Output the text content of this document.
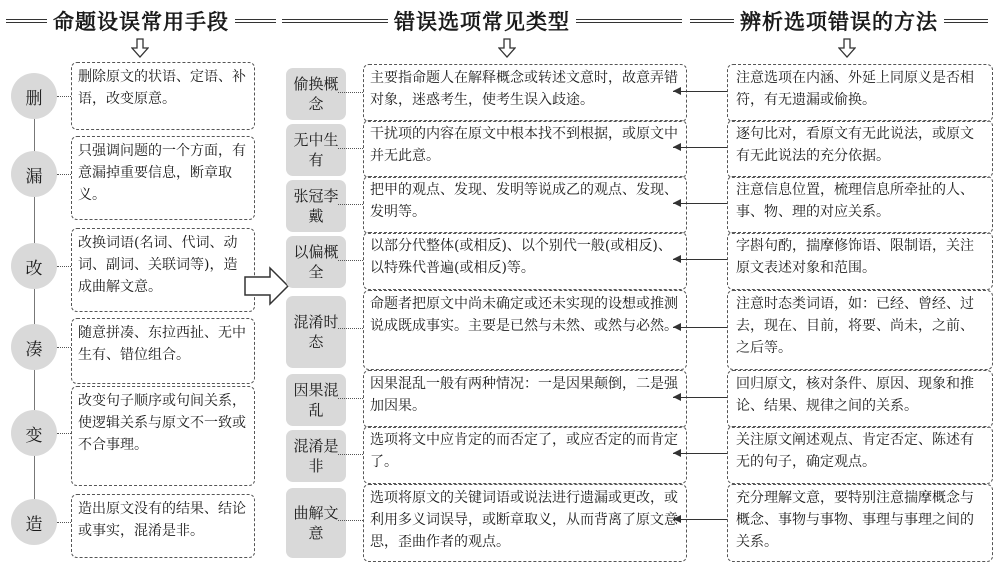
命题设误常用手段	错误选项常见类型	辨析选项错误的方法
删
删除原文的状语、定语、补语，改变原意。
漏
只强调问题的一个方面，有意漏掉重要信息，断章取义。
改
改换词语(名词、代词、动词、副词、关联词等)，造成曲解文意。
凑
随意拼凑、东拉西扯、无中生有、错位组合。
变
改变句子顺序或句间关系，使逻辑关系与原文不一致或不合事理。
造
造出原文没有的结果、结论或事实，混淆是非。
偷换概念
主要指命题人在解释概念或转述文意时，故意弄错对象，迷惑考生，使考生误入歧途。
注意选项在内涵、外延上同原义是否相符，有无遗漏或偷换。
无中生有
干扰项的内容在原文中根本找不到根据，或原文中并无此意。
逐句比对，看原文有无此说法，或原文有无此说法的充分依据。
张冠李戴
把甲的观点、发现、发明等说成乙的观点、发现、发明等。
注意信息位置，梳理信息所牵扯的人、事、物、理的对应关系。
以偏概全
以部分代整体(或相反)、以个别代一般(或相反)、以特殊代普遍(或相反)等。
字斟句酌，揣摩修饰语、限制语，关注原文表述对象和范围。
混淆时态
命题者把原文中尚未确定或还未实现的设想或推测说成既成事实。主要是已然与未然、或然与必然。
注意时态类词语，如：已经、曾经、过去，现在、目前，将要、尚未，之前、之后等。
因果混乱
因果混乱一般有两种情况：一是因果颠倒，二是强加因果。
回归原文，核对条件、原因、现象和推论、结果、规律之间的关系。
混淆是非
选项将文中应肯定的而否定了，或应否定的而肯定了。
关注原文阐述观点、肯定否定、陈述有无的句子，确定观点。
曲解文意
选项将原文的关键词语或说法进行遗漏或更改，或利用多义词误导，或断章取义，从而背离了原文意思，歪曲作者的观点。
充分理解文意，要特别注意揣摩概念与概念、事物与事物、事理与事理之间的关系。
